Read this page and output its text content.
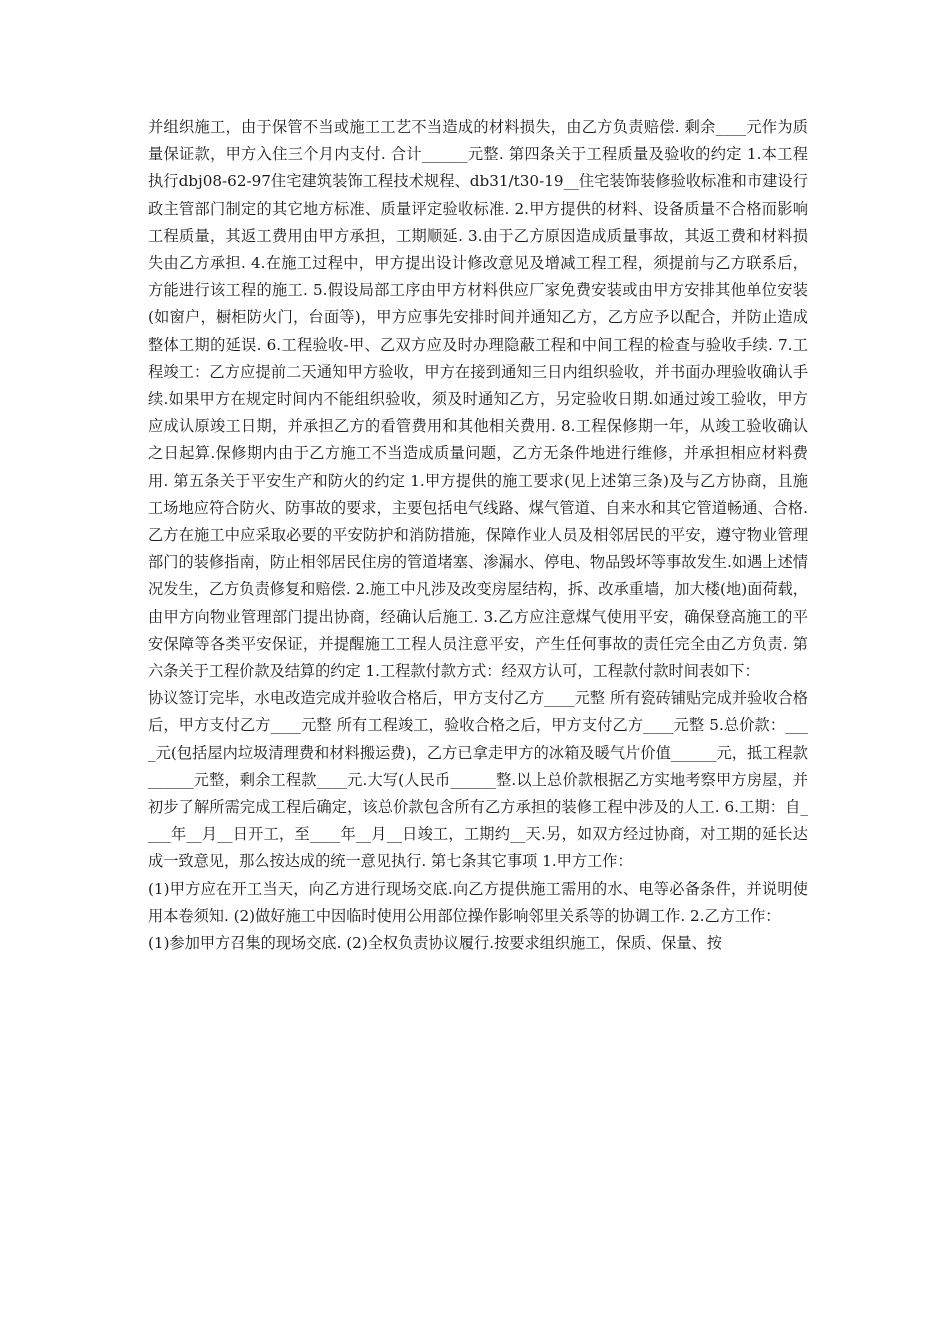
并组织施工，由于保管不当或施工工艺不当造成的材料损失，由乙方负责赔偿. 剩余____元作为质量保证款，甲方入住三个月内支付. 合计______元整. 第四条关于工程质量及验收的约定 1.本工程执行dbj08-62-97住宅建筑装饰工程技术规程、db31/t30-19__住宅装饰装修验收标准和市建设行政主管部门制定的其它地方标准、质量评定验收标准. 2.甲方提供的材料、设备质量不合格而影响工程质量，其返工费用由甲方承担，工期顺延. 3.由于乙方原因造成质量事故，其返工费和材料损失由乙方承担. 4.在施工过程中，甲方提出设计修改意见及增减工程工程，须提前与乙方联系后，方能进行该工程的施工. 5.假设局部工序由甲方材料供应厂家免费安装或由甲方安排其他单位安装(如窗户，橱柜防火门，台面等)，甲方应事先安排时间并通知乙方，乙方应予以配合，并防止造成整体工期的延误. 6.工程验收-甲、乙双方应及时办理隐蔽工程和中间工程的检查与验收手续. 7.工程竣工：乙方应提前二天通知甲方验收，甲方在接到通知三日内组织验收，并书面办理验收确认手续.如果甲方在规定时间内不能组织验收，须及时通知乙方，另定验收日期.如通过竣工验收，甲方应成认原竣工日期，并承担乙方的看管费用和其他相关费用. 8.工程保修期一年，从竣工验收确认之日起算.保修期内由于乙方施工不当造成质量问题，乙方无条件地进行维修，并承担相应材料费用. 第五条关于平安生产和防火的约定 1.甲方提供的施工要求(见上述第三条)及与乙方协商，且施工场地应符合防火、防事故的要求，主要包括电气线路、煤气管道、自来水和其它管道畅通、合格.乙方在施工中应采取必要的平安防护和消防措施，保障作业人员及相邻居民的平安，遵守物业管理部门的装修指南，防止相邻居民住房的管道堵塞、渗漏水、停电、物品毁坏等事故发生.如遇上述情况发生，乙方负责修复和赔偿. 2.施工中凡涉及改变房屋结构，拆、改承重墙，加大楼(地)面荷载，由甲方向物业管理部门提出协商，经确认后施工. 3.乙方应注意煤气使用平安，确保登高施工的平安保障等各类平安保证，并提醒施工工程人员注意平安，产生任何事故的责任完全由乙方负责. 第六条关于工程价款及结算的约定 1.工程款付款方式：经双方认可，工程款付款时间表如下：

协议签订完毕，水电改造完成并验收合格后，甲方支付乙方____元整 所有瓷砖铺贴完成并验收合格后，甲方支付乙方____元整 所有工程竣工，验收合格之后，甲方支付乙方____元整 5.总价款：____元(包括屋内垃圾清理费和材料搬运费)，乙方已拿走甲方的冰箱及暖气片价值______元，抵工程款______元整，剩余工程款____元.大写(人民币______整.以上总价款根据乙方实地考察甲方房屋，并初步了解所需完成工程后确定，该总价款包含所有乙方承担的装修工程中涉及的人工. 6.工期：自____年__月__日开工，至____年__月__日竣工，工期约__天.另，如双方经过协商，对工期的延长达成一致意见，那么按达成的统一意见执行. 第七条其它事项 1.甲方工作：

(1)甲方应在开工当天，向乙方进行现场交底.向乙方提供施工需用的水、电等必备条件，并说明使用本卷须知. (2)做好施工中因临时使用公用部位操作影响邻里关系等的协调工作. 2.乙方工作：

(1)参加甲方召集的现场交底. (2)全权负责协议履行.按要求组织施工，保质、保量、按
